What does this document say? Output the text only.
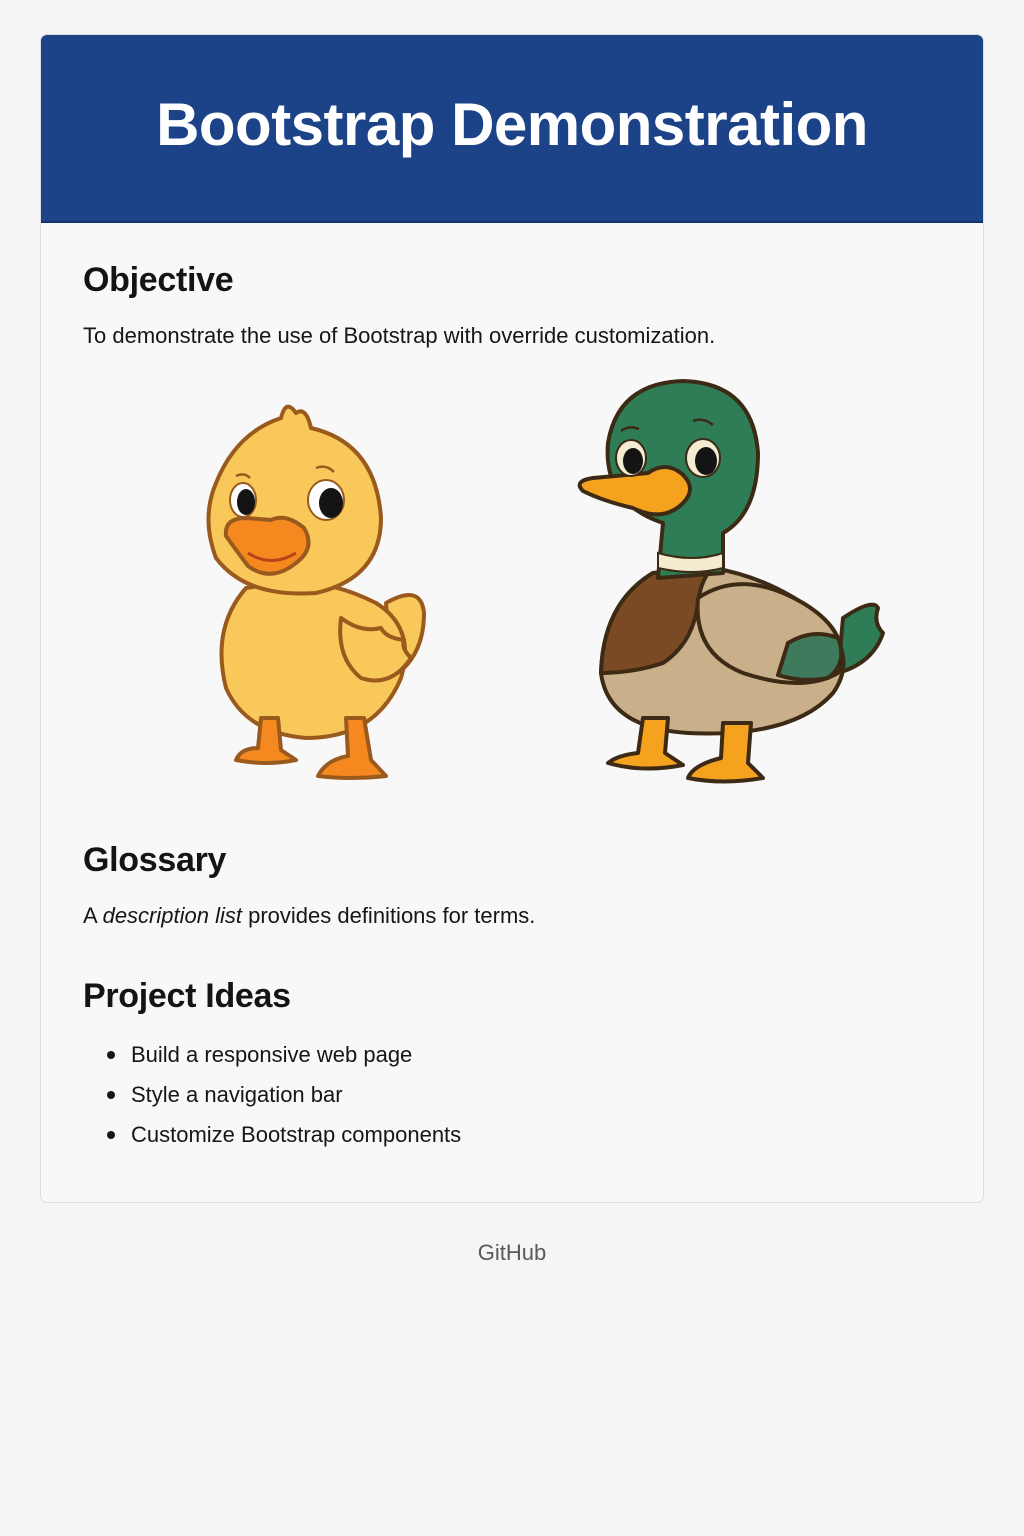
Bootstrap Demonstration
Objective

To demonstrate the use of Bootstrap with override customization.

Glossary

A description list provides definitions for terms.

Project Ideas
Build a responsive web page
Style a navigation bar
Customize Bootstrap components
GitHub
